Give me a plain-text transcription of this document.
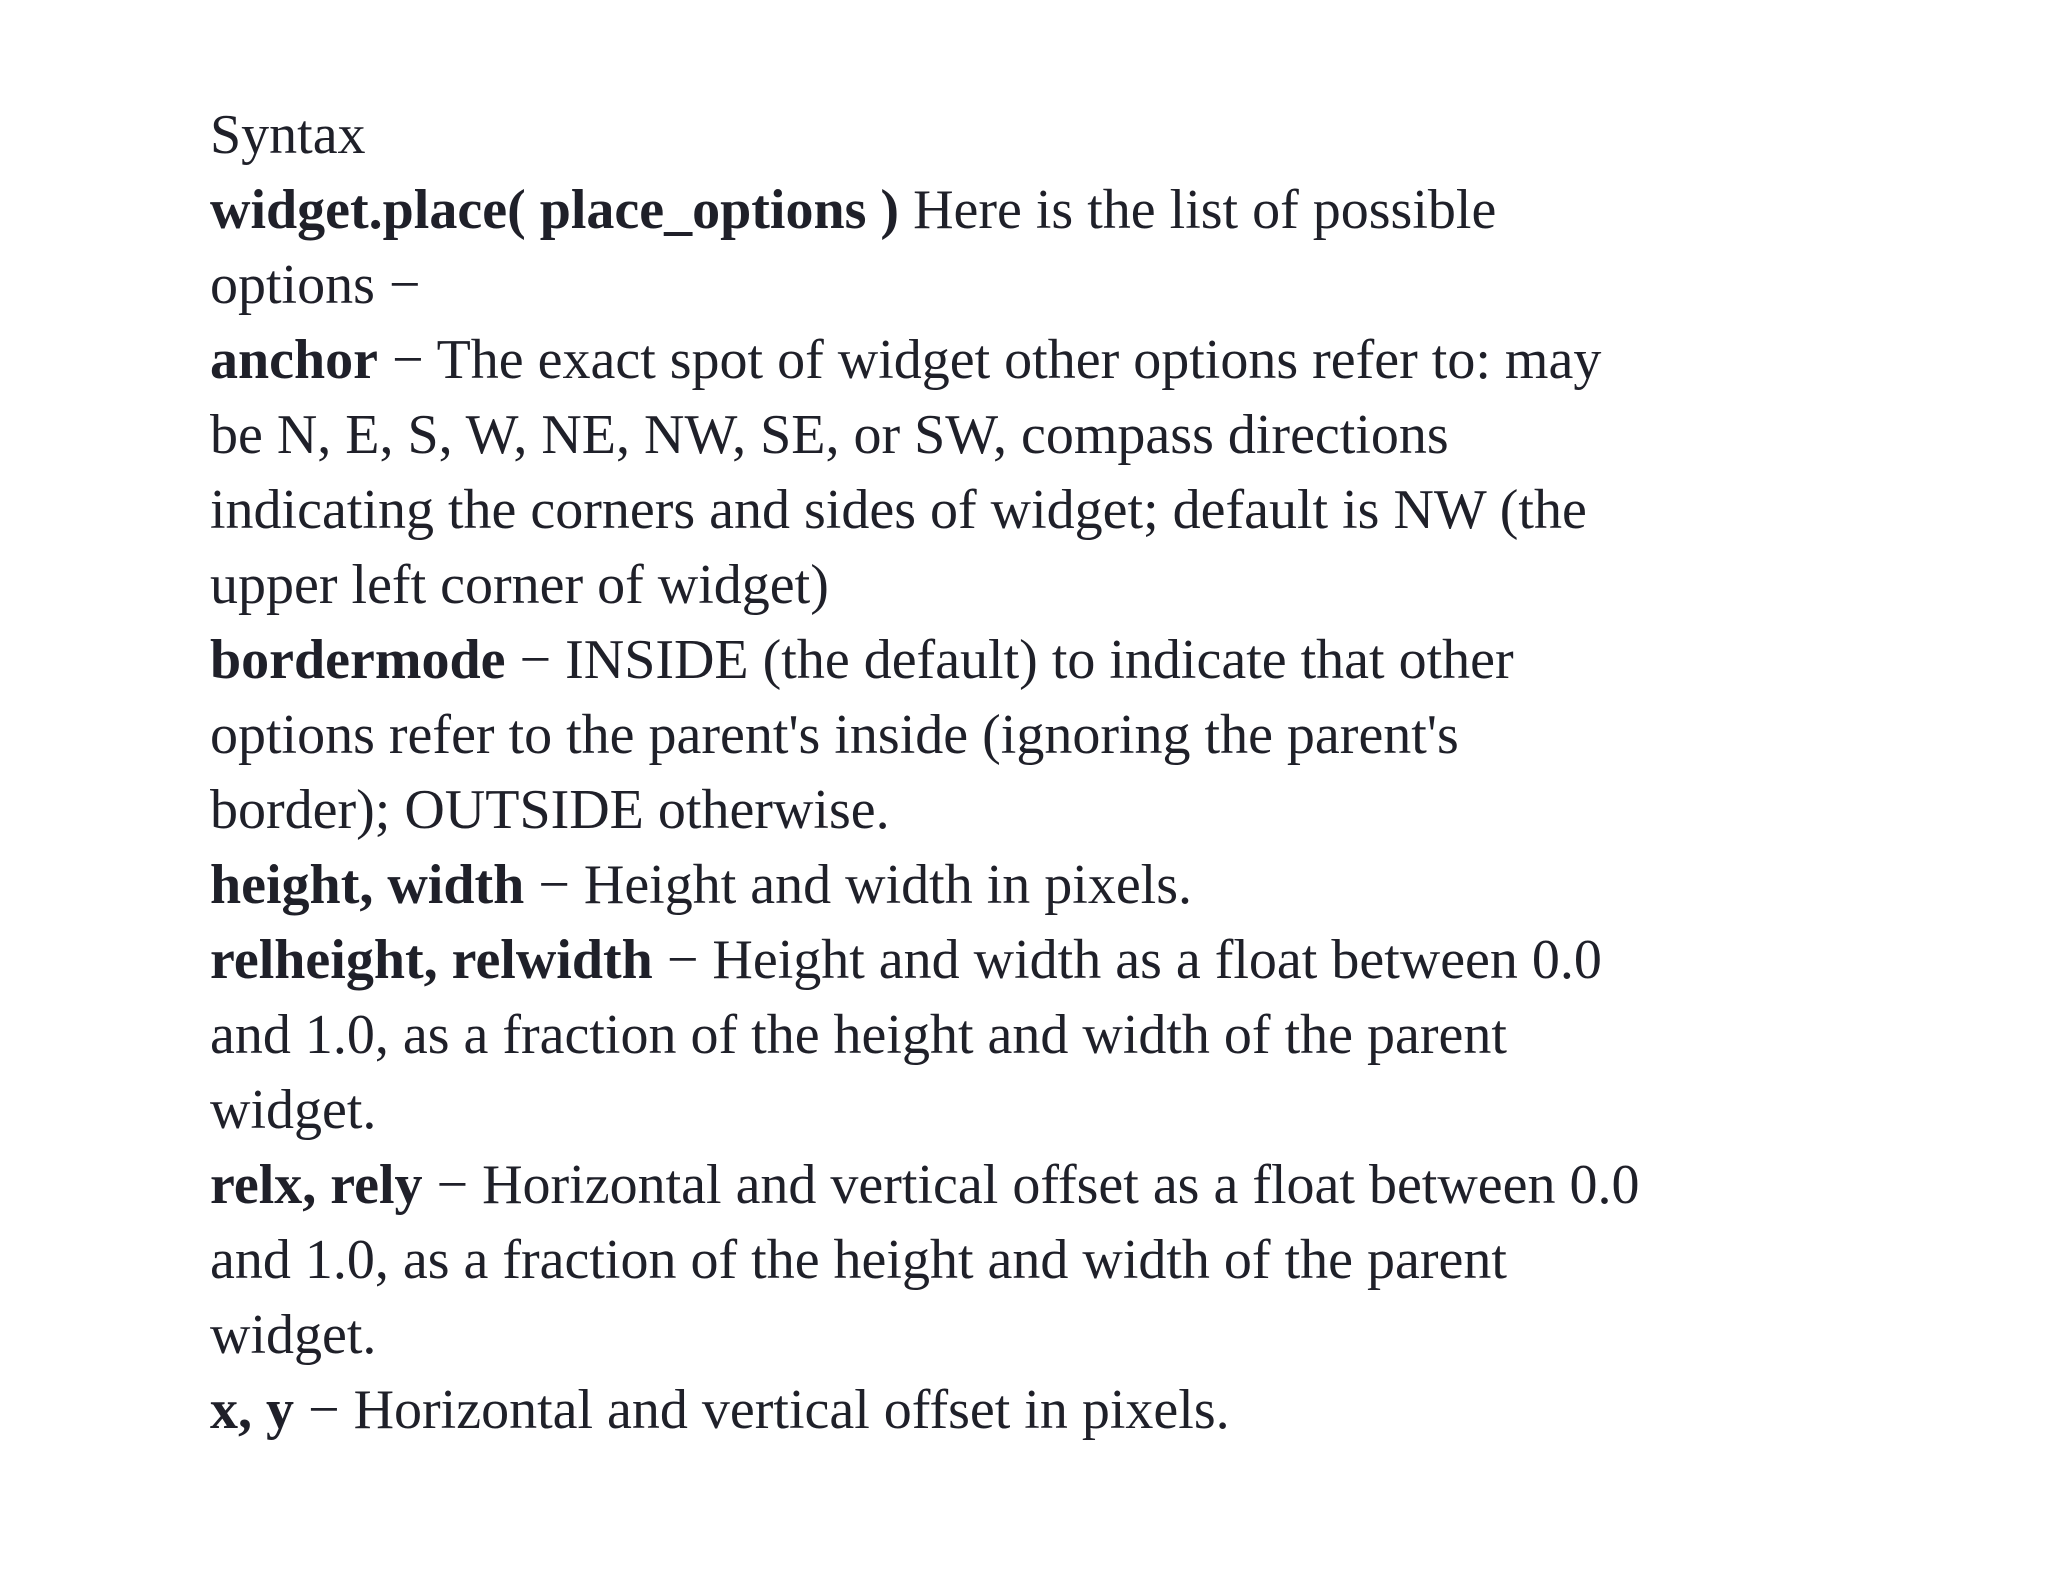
Syntax
widget.place( place_options ) Here is the list of possible
options −
anchor − The exact spot of widget other options refer to: may
be N, E, S, W, NE, NW, SE, or SW, compass directions
indicating the corners and sides of widget; default is NW (the
upper left corner of widget)
bordermode − INSIDE (the default) to indicate that other
options refer to the parent's inside (ignoring the parent's
border); OUTSIDE otherwise.
height, width − Height and width in pixels.
relheight, relwidth − Height and width as a float between 0.0
and 1.0, as a fraction of the height and width of the parent
widget.
relx, rely − Horizontal and vertical offset as a float between 0.0
and 1.0, as a fraction of the height and width of the parent
widget.
x, y − Horizontal and vertical offset in pixels.
